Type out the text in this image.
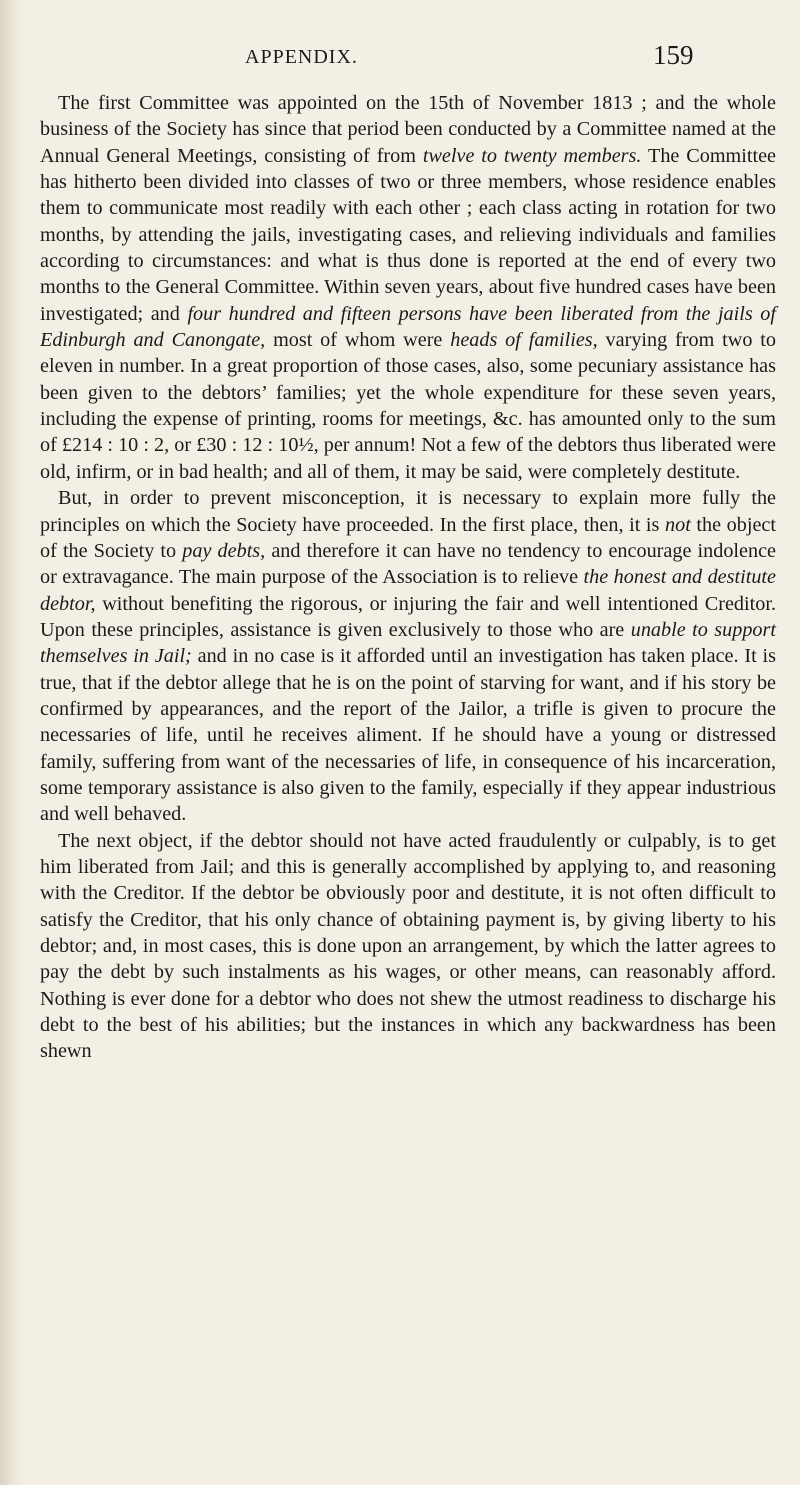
APPENDIX.	159

The first Committee was appointed on the 15th of November 1813 ; and the whole business of the Society has since that period been conducted by a Committee named at the Annual General Meetings, consisting of from twelve to twenty members. The Committee has hitherto been divided into classes of two or three members, whose residence enables them to communicate most readily with each other ; each class acting in rotation for two months, by attending the jails, investigating cases, and relieving individuals and families according to circumstances: and what is thus done is reported at the end of every two months to the General Committee. Within seven years, about five hundred cases have been investigated; and four hundred and fifteen persons have been liberated from the jails of Edinburgh and Canongate, most of whom were heads of families, varying from two to eleven in number. In a great proportion of those cases, also, some pecuniary assistance has been given to the debtors’ families; yet the whole expenditure for these seven years, including the expense of printing, rooms for meetings, &c. has amounted only to the sum of £214 : 10 : 2, or £30 : 12 : 10½, per annum! Not a few of the debtors thus liberated were old, infirm, or in bad health; and all of them, it may be said, were completely destitute.

But, in order to prevent misconception, it is necessary to explain more fully the principles on which the Society have proceeded. In the first place, then, it is not the object of the Society to pay debts, and therefore it can have no tendency to encourage indolence or extravagance. The main purpose of the Association is to relieve the honest and destitute debtor, without benefiting the rigorous, or injuring the fair and well intentioned Creditor. Upon these principles, assistance is given exclusively to those who are unable to support themselves in Jail; and in no case is it afforded until an investigation has taken place. It is true, that if the debtor allege that he is on the point of starving for want, and if his story be confirmed by appearances, and the report of the Jailor, a trifle is given to procure the necessaries of life, until he receives aliment. If he should have a young or distressed family, suffering from want of the necessaries of life, in consequence of his incarceration, some temporary assistance is also given to the family, especially if they appear industrious and well behaved.

The next object, if the debtor should not have acted fraudulently or culpably, is to get him liberated from Jail; and this is generally accomplished by applying to, and reasoning with the Creditor. If the debtor be obviously poor and destitute, it is not often difficult to satisfy the Creditor, that his only chance of obtaining payment is, by giving liberty to his debtor; and, in most cases, this is done upon an arrangement, by which the latter agrees to pay the debt by such instalments as his wages, or other means, can reasonably afford. Nothing is ever done for a debtor who does not shew the utmost readiness to discharge his debt to the best of his abilities; but the instances in which any backwardness has been shewn
